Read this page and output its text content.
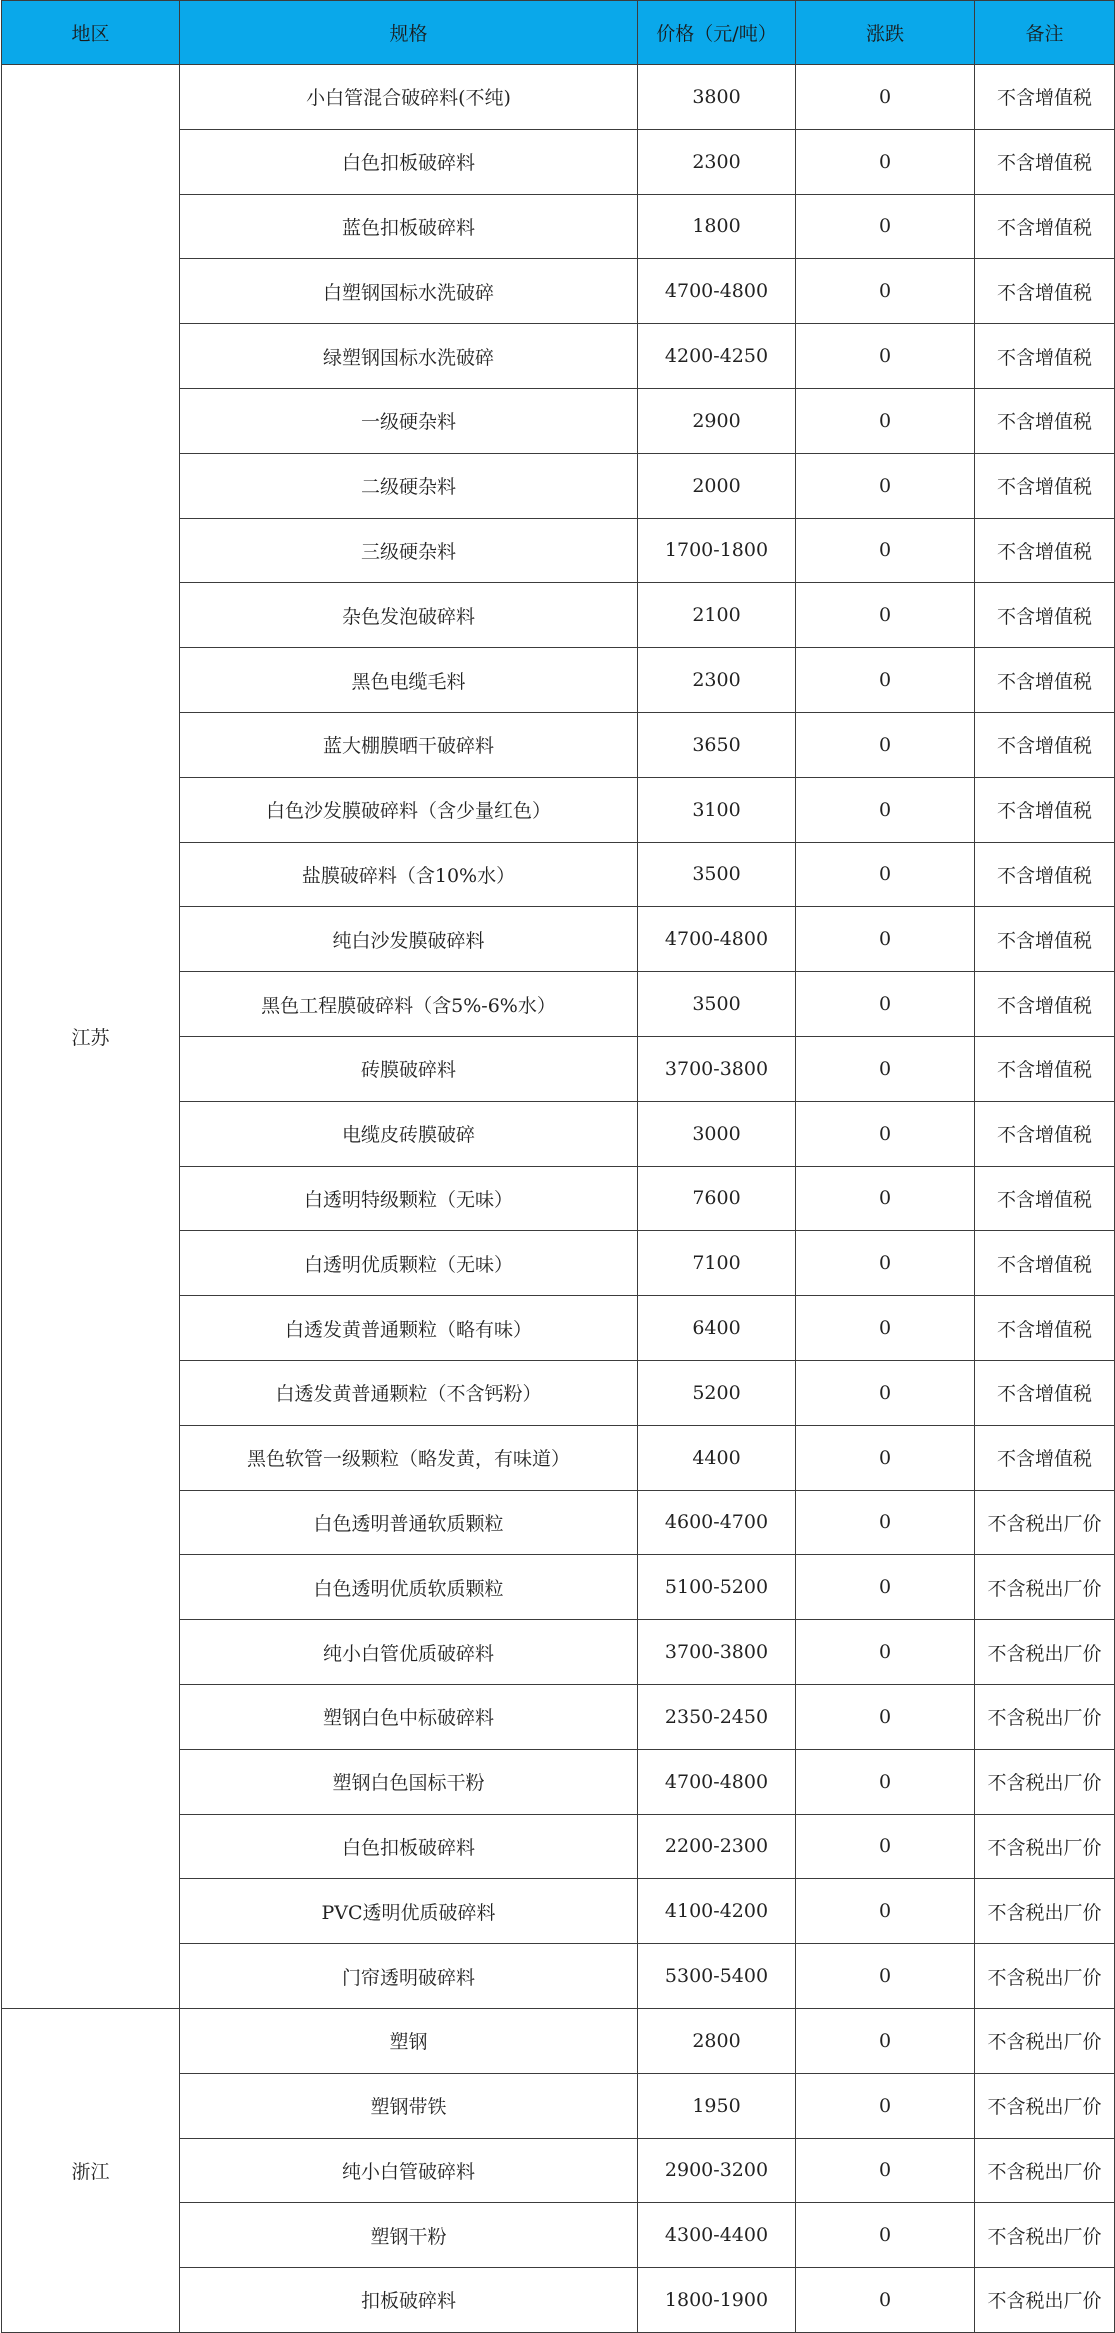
地区	规格	价格（元/吨）	涨跌	备注
江苏	小白管混合破碎料(不纯)	3800	0	不含增值税
	白色扣板破碎料	2300	0	不含增值税
	蓝色扣板破碎料	1800	0	不含增值税
	白塑钢国标水洗破碎	4700-4800	0	不含增值税
	绿塑钢国标水洗破碎	4200-4250	0	不含增值税
	一级硬杂料	2900	0	不含增值税
	二级硬杂料	2000	0	不含增值税
	三级硬杂料	1700-1800	0	不含增值税
	杂色发泡破碎料	2100	0	不含增值税
	黑色电缆毛料	2300	0	不含增值税
	蓝大棚膜晒干破碎料	3650	0	不含增值税
	白色沙发膜破碎料（含少量红色）	3100	0	不含增值税
	盐膜破碎料（含10%水）	3500	0	不含增值税
	纯白沙发膜破碎料	4700-4800	0	不含增值税
	黑色工程膜破碎料（含5%-6%水）	3500	0	不含增值税
	砖膜破碎料	3700-3800	0	不含增值税
	电缆皮砖膜破碎	3000	0	不含增值税
	白透明特级颗粒（无味）	7600	0	不含增值税
	白透明优质颗粒（无味）	7100	0	不含增值税
	白透发黄普通颗粒（略有味）	6400	0	不含增值税
	白透发黄普通颗粒（不含钙粉）	5200	0	不含增值税
	黑色软管一级颗粒（略发黄，有味道）	4400	0	不含增值税
	白色透明普通软质颗粒	4600-4700	0	不含税出厂价
	白色透明优质软质颗粒	5100-5200	0	不含税出厂价
	纯小白管优质破碎料	3700-3800	0	不含税出厂价
	塑钢白色中标破碎料	2350-2450	0	不含税出厂价
	塑钢白色国标干粉	4700-4800	0	不含税出厂价
	白色扣板破碎料	2200-2300	0	不含税出厂价
	PVC透明优质破碎料	4100-4200	0	不含税出厂价
	门帘透明破碎料	5300-5400	0	不含税出厂价
浙江	塑钢	2800	0	不含税出厂价
	塑钢带铁	1950	0	不含税出厂价
	纯小白管破碎料	2900-3200	0	不含税出厂价
	塑钢干粉	4300-4400	0	不含税出厂价
	扣板破碎料	1800-1900	0	不含税出厂价
